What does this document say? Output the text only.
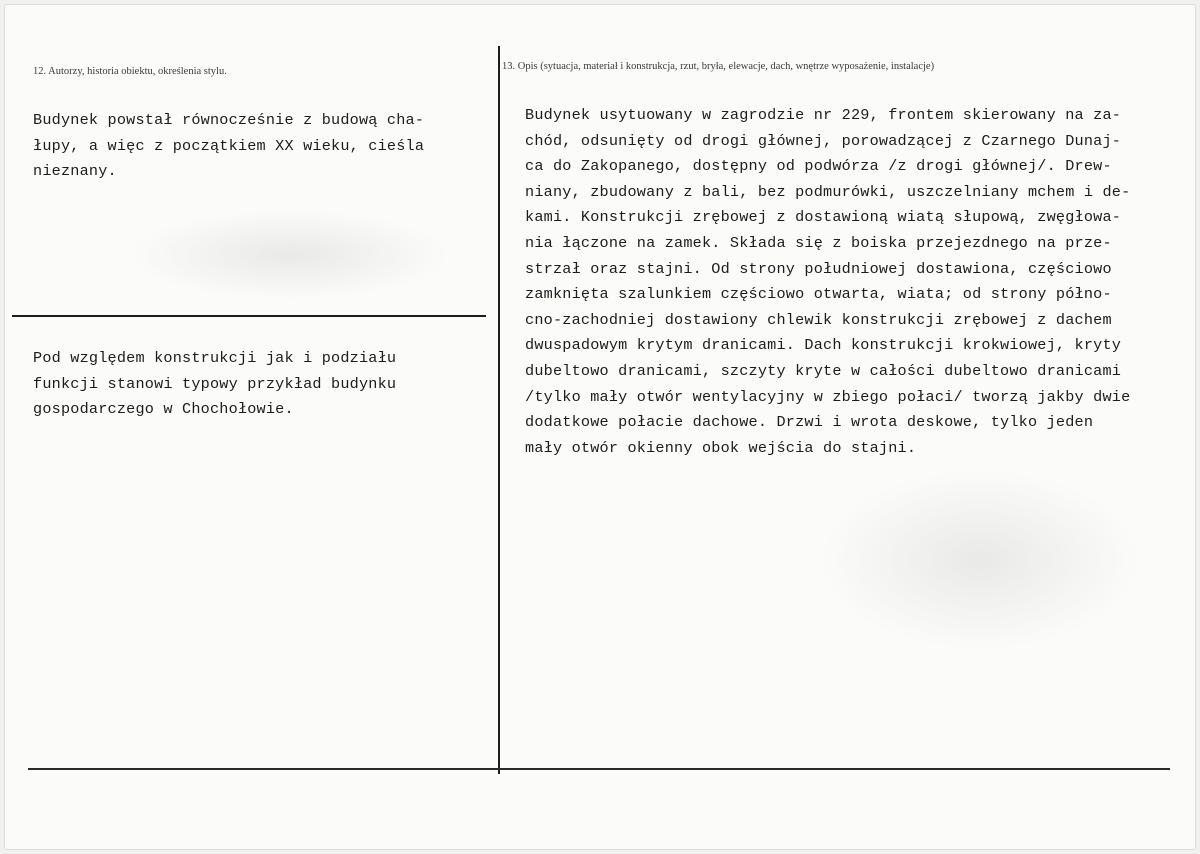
12. Autorzy, historia obiektu, określenia stylu.	13. Opis (sytuacja, materiał i konstrukcja, rzut, bryła, elewacje, dach, wnętrze wyposażenie, instalacje)
Budynek powstał równocześnie z budową cha-
łupy, a więc z początkiem XX wieku, cieśla
nieznany.
Pod względem konstrukcji jak i podziału
funkcji stanowi typowy przykład budynku
gospodarczego w Chochołowie.
Budynek usytuowany w zagrodzie nr 229, frontem skierowany na za-
chód, odsunięty od drogi głównej, porowadzącej z Czarnego Dunaj-
ca do Zakopanego, dostępny od podwórza /z drogi głównej/. Drew-
niany, zbudowany z bali, bez podmurówki, uszczelniany mchem i de-
kami. Konstrukcji zrębowej z dostawioną wiatą słupową, zwęgłowa-
nia łączone na zamek. Składa się z boiska przejezdnego na prze-
strzał oraz stajni. Od strony południowej dostawiona, częściowo
zamknięta szalunkiem częściowo otwarta, wiata; od strony półno-
cno-zachodniej dostawiony chlewik konstrukcji zrębowej z dachem
dwuspadowym krytym dranicami. Dach konstrukcji krokwiowej, kryty
dubeltowo dranicami, szczyty kryte w całości dubeltowo dranicami
/tylko mały otwór wentylacyjny w zbiego połaci/ tworzą jakby dwie
dodatkowe połacie dachowe. Drzwi i wrota deskowe, tylko jeden
mały otwór okienny obok wejścia do stajni.
